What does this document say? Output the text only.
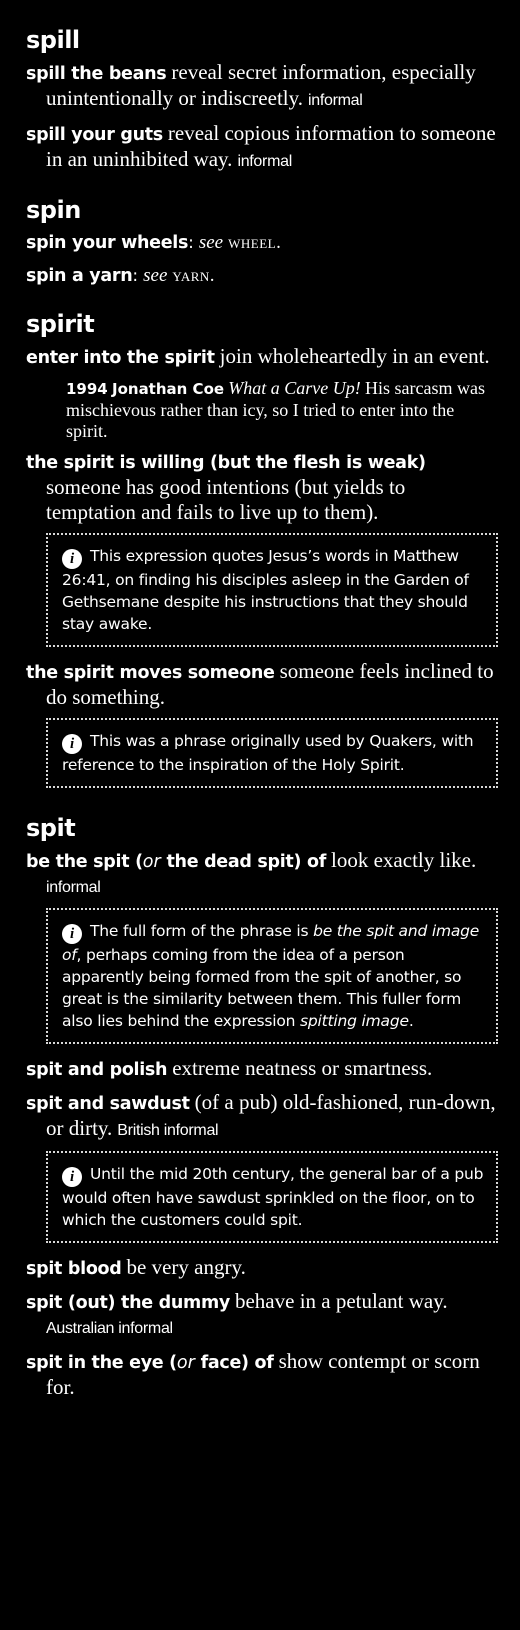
spill
spill the beans reveal secret information, especially unintentionally or indiscreetly. informal
spill your guts reveal copious information to someone in an uninhibited way. informal
spin
spin your wheels: see wheel.
spin a yarn: see yarn.
spirit
enter into the spirit join wholeheartedly in an event.
1994 Jonathan Coe What a Carve Up! His sarcasm was mischievous rather than icy, so I tried to enter into the spirit.
the spirit is willing (but the flesh is weak) someone has good intentions (but yields to temptation and fails to live up to them).
i This expression quotes Jesus’s words in Matthew 26:41, on finding his disciples asleep in the Garden of Gethsemane despite his instructions that they should stay awake.
the spirit moves someone someone feels inclined to do something.
i This was a phrase originally used by Quakers, with reference to the inspiration of the Holy Spirit.
spit
be the spit (or the dead spit) of look exactly like. informal
i The full form of the phrase is be the spit and image of, perhaps coming from the idea of a person apparently being formed from the spit of another, so great is the similarity between them. This fuller form also lies behind the expression spitting image.
spit and polish extreme neatness or smartness.
spit and sawdust (of a pub) old-fashioned, run-down, or dirty. British informal
i Until the mid 20th century, the general bar of a pub would often have sawdust sprinkled on the floor, on to which the customers could spit.
spit blood be very angry.
spit (out) the dummy behave in a petulant way. Australian informal
spit in the eye (or face) of show contempt or scorn for.
